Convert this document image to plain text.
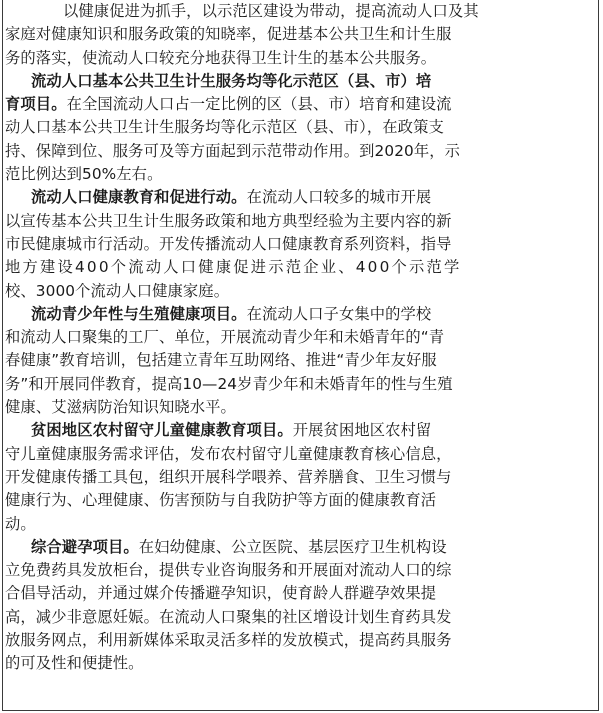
以健康促进为抓手，以示范区建设为带动，提高流动人口及其
家庭对健康知识和服务政策的知晓率，促进基本公共卫生和计生服
务的落实，使流动人口较充分地获得卫生计生的基本公共服务。
流动人口基本公共卫生计生服务均等化示范区（县、市）培
育项目。在全国流动人口占一定比例的区（县、市）培育和建设流
动人口基本公共卫生计生服务均等化示范区（县、市），在政策支
持、保障到位、服务可及等方面起到示范带动作用。到2020年，示
范比例达到50%左右。
流动人口健康教育和促进行动。在流动人口较多的城市开展
以宣传基本公共卫生计生服务政策和地方典型经验为主要内容的新
市民健康城市行活动。开发传播流动人口健康教育系列资料，指导
地方建设400个流动人口健康促进示范企业、400个示范学
校、3000个流动人口健康家庭。
流动青少年性与生殖健康项目。在流动人口子女集中的学校
和流动人口聚集的工厂、单位，开展流动青少年和未婚青年的“青
春健康”教育培训，包括建立青年互助网络、推进“青少年友好服
务”和开展同伴教育，提高10—24岁青少年和未婚青年的性与生殖
健康、艾滋病防治知识知晓水平。
贫困地区农村留守儿童健康教育项目。开展贫困地区农村留
守儿童健康服务需求评估，发布农村留守儿童健康教育核心信息，
开发健康传播工具包，组织开展科学喂养、营养膳食、卫生习惯与
健康行为、心理健康、伤害预防与自我防护等方面的健康教育活
动。
综合避孕项目。在妇幼健康、公立医院、基层医疗卫生机构设
立免费药具发放柜台，提供专业咨询服务和开展面对流动人口的综
合倡导活动，并通过媒介传播避孕知识，使育龄人群避孕效果提
高，减少非意愿妊娠。在流动人口聚集的社区增设计划生育药具发
放服务网点，利用新媒体采取灵活多样的发放模式，提高药具服务
的可及性和便捷性。
